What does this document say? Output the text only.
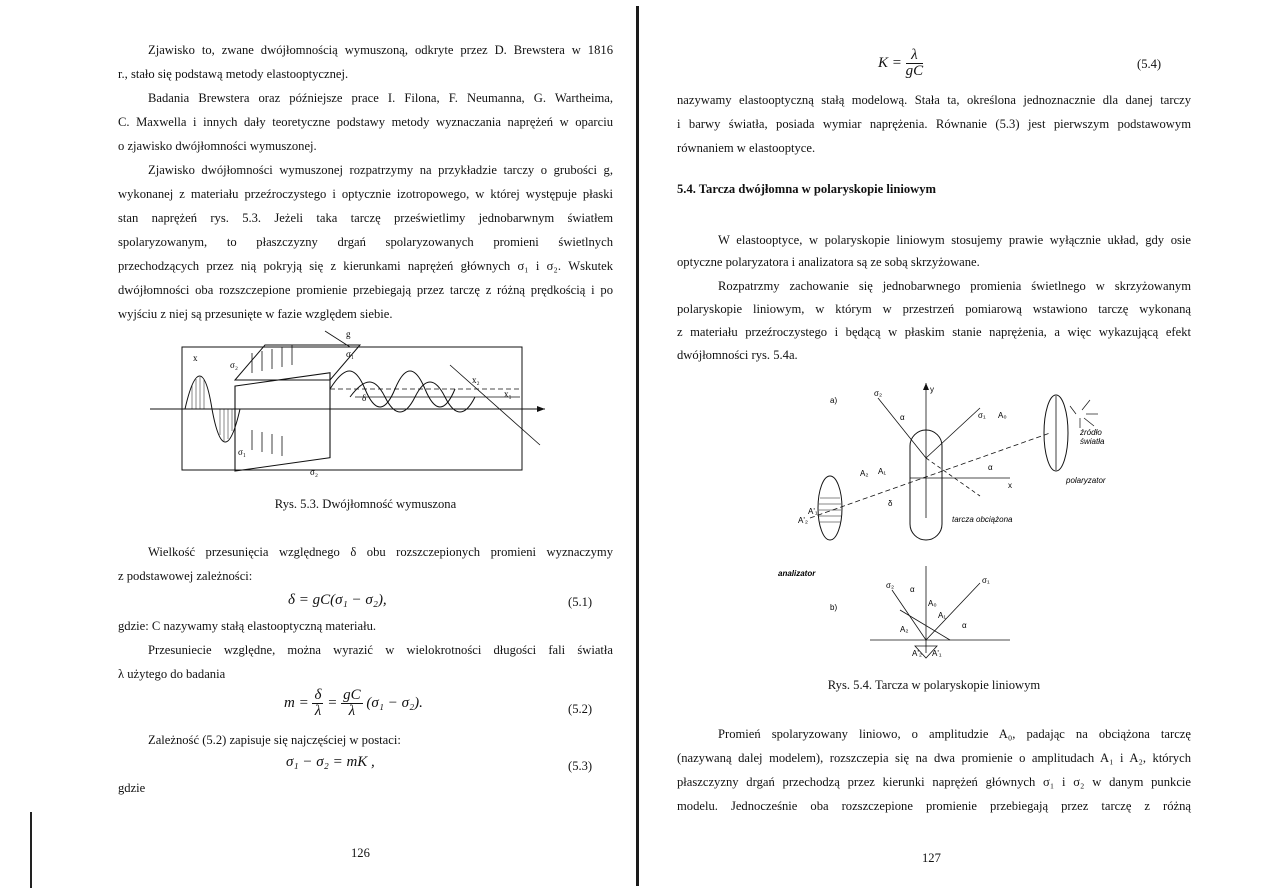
Zjawisko to, zwane dwójłomnością wymuszoną, odkryte przez D. Brewstera w 1816
r., stało się podstawą metody elastooptycznej.
Badania Brewstera oraz późniejsze prace I. Filona, F. Neumanna, G. Wartheima,
C. Maxwella i innych dały teoretyczne podstawy metody wyznaczania naprężeń w oparciu
o zjawisko dwójłomności wymuszonej.
Zjawisko dwójłomności wymuszonej rozpatrzymy na przykładzie tarczy o grubości g,
wykonanej z materiału przeźroczystego i optycznie izotropowego, w której występuje płaski
stan naprężeń rys. 5.3. Jeżeli taka tarczę prześwietlimy jednobarwnym światłem
spolaryzowanym, to płaszczyzny drgań spolaryzowanych promieni świetlnych
przechodzących przez nią pokryją się z kierunkami naprężeń głównych σ₁ i σ₂. Wskutek
dwójłomności oba rozszczepione promienie przebiegają przez tarczę z różną prędkością i po
wyjściu z niej są przesunięte w fazie względem siebie.
x
σ₂
σ₁
g
δ
x₂
x₁
σ₁
σ₂
Rys. 5.3. Dwójłomność wymuszona
Wielkość przesunięcia względnego δ obu rozszczepionych promieni wyznaczymy
z podstawowej zależności:
δ = gC(σ₁ − σ₂),	(5.1)
gdzie: C nazywamy stałą elastooptyczną materiału.
Przesuniecie względne, można wyrazić w wielokrotności długości fali światła
λ użytego do badania
$m = \frac{\delta}{\lambda} = \frac{gC}{\lambda} (\sigma_1 - \sigma_2)$.	(5.2)
Zależność (5.2) zapisuje się najczęściej w postaci:
σ₁ − σ₂ = mK ,	(5.3)
gdzie
126
$K = \frac{\lambda}{gC}$	(5.4)
nazywamy elastooptyczną stałą modelową. Stała ta, określona jednoznacznie dla danej tarczy
i barwy światła, posiada wymiar naprężenia. Równanie (5.3) jest pierwszym podstawowym
równaniem w elastooptyce.
5.4. Tarcza dwójłomna w polaryskopie liniowym
W elastooptyce, w polaryskopie liniowym stosujemy prawie wyłącznie układ, gdy osie
optyczne polaryzatora i analizatora są ze sobą skrzyżowane.
Rozpatrzmy zachowanie się jednobarwnego promienia świetlnego w skrzyżowanym
polaryskopie liniowym, w którym w przestrzeń pomiarową wstawiono tarczę wykonaną
z materiału przeźroczystego i będącą w płaskim stanie naprężenia, a więc wykazującą efekt
dwójłomności rys. 5.4a.
a)
y
x
σ₂
α	σ₁ A₀
α
źródło
światła
polaryzator
A₂ A₁
δ
A'₂
A'₁
tarcza obciążona
analizator
b)
σ₂ α
σ₁
A₀
A₁
α
A₂
A'₂ A'₁
Rys. 5.4. Tarcza w polaryskopie liniowym
Promień spolaryzowany liniowo, o amplitudzie A₀, padając na obciążona tarczę
(nazywaną dalej modelem), rozszczepia się na dwa promienie o amplitudach A₁ i A₂, których
płaszczyzny drgań przechodzą przez kierunki naprężeń głównych σ₁ i σ₂ w danym punkcie
modelu. Jednocześnie oba rozszczepione promienie przebiegają przez tarczę z różną
127
